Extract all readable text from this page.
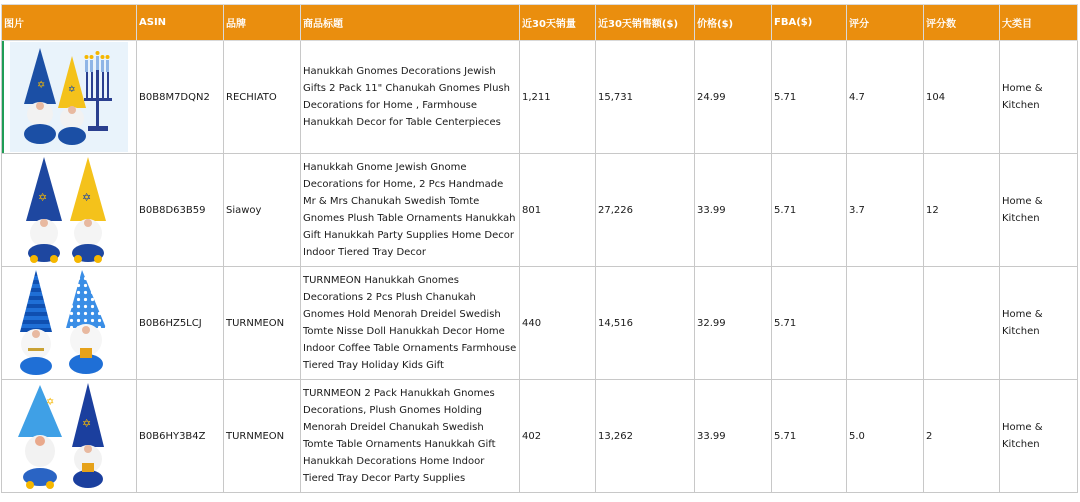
图片	ASIN	品牌	商品标题	近30天销量	近30天销售额($)	价格($)	FBA($)	评分	评分数	大类目

✡ ✡	B0B8M7DQN2	RECHIATO	Hanukkah Gnomes Decorations Jewish Gifts 2 Pack 11" Chanukah Gnomes Plush Decorations for Home , Farmhouse Hanukkah Decor for Table Centerpieces	1,211	15,731	24.99	5.71	4.7	104	Home & Kitchen

✡ ✡	B0B8D63B59	Siawoy	Hanukkah Gnome Jewish Gnome Decorations for Home, 2 Pcs Handmade Mr & Mrs Chanukah Swedish Tomte Gnomes Plush Table Ornaments Hanukkah Gift Hanukkah Party Supplies Home Decor Indoor Tiered Tray Decor	801	27,226	33.99	5.71	3.7	12	Home & Kitchen

	B0B6HZ5LCJ	TURNMEON	TURNMEON Hanukkah Gnomes Decorations 2 Pcs Plush Chanukah Gnomes Hold Menorah Dreidel Swedish Tomte Nisse Doll Hanukkah Decor Home Indoor Coffee Table Ornaments Farmhouse Tiered Tray Holiday Kids Gift	440	14,516	32.99	5.71			Home & Kitchen

✡
✡	B0B6HY3B4Z	TURNMEON	TURNMEON 2 Pack Hanukkah Gnomes Decorations, Plush Gnomes Holding Menorah Dreidel Chanukah Swedish Tomte Table Ornaments Hanukkah Gift Hanukkah Decorations Home Indoor Tiered Tray Decor Party Supplies	402	13,262	33.99	5.71	5.0	2	Home & Kitchen
